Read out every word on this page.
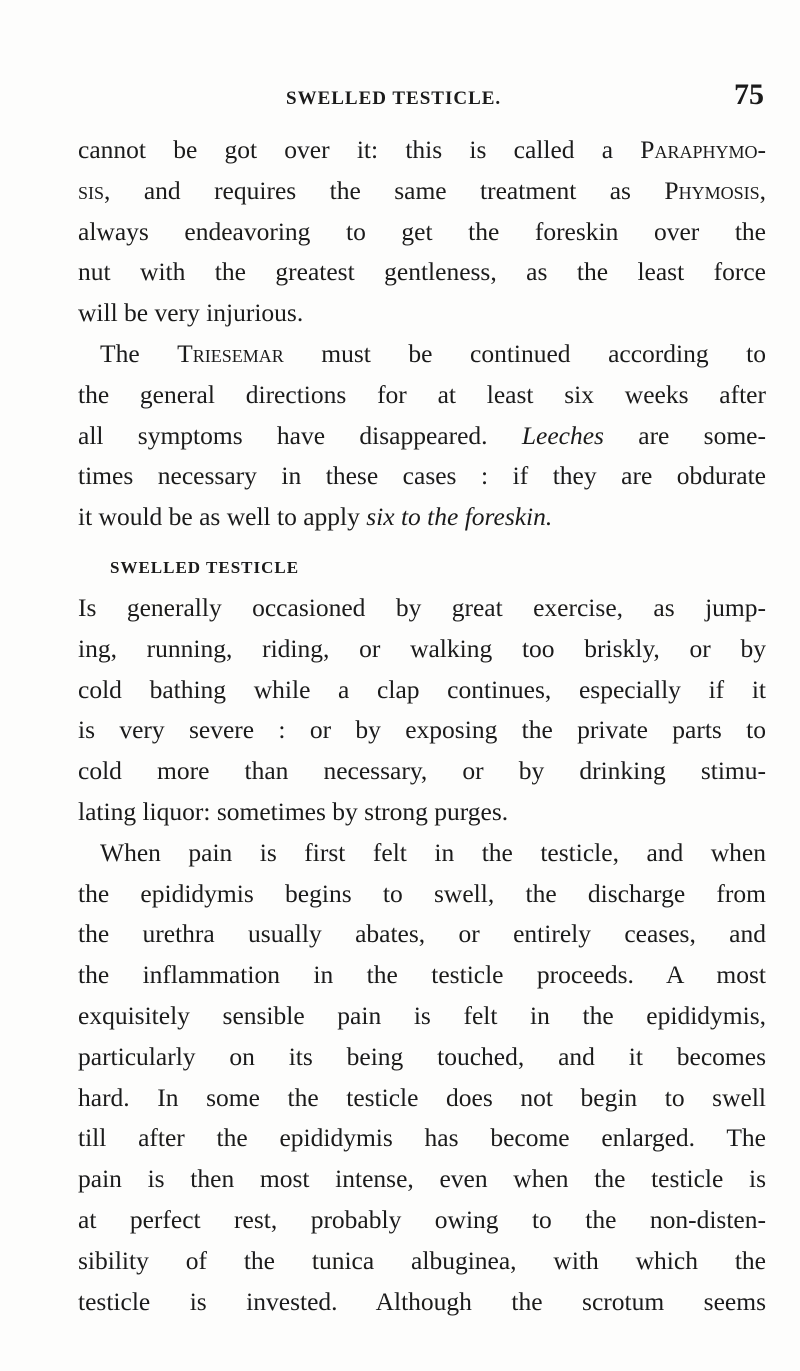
SWELLED TESTICLE.	75
cannot be got over it: this is called a Paraphymo-
sis, and requires the same treatment as Phymosis,
always endeavoring to get the foreskin over the
nut with the greatest gentleness, as the least force
will be very injurious.
The Triesemar must be continued according to
the general directions for at least six weeks after
all symptoms have disappeared. Leeches are some-
times necessary in these cases : if they are obdurate
it would be as well to apply six to the foreskin.
SWELLED TESTICLE
Is generally occasioned by great exercise, as jump-
ing, running, riding, or walking too briskly, or by
cold bathing while a clap continues, especially if it
is very severe : or by exposing the private parts to
cold more than necessary, or by drinking stimu-
lating liquor: sometimes by strong purges.
When pain is first felt in the testicle, and when
the epididymis begins to swell, the discharge from
the urethra usually abates, or entirely ceases, and
the inflammation in the testicle proceeds. A most
exquisitely sensible pain is felt in the epididymis,
particularly on its being touched, and it becomes
hard. In some the testicle does not begin to swell
till after the epididymis has become enlarged. The
pain is then most intense, even when the testicle is
at perfect rest, probably owing to the non-disten-
sibility of the tunica albuginea, with which the
testicle is invested. Although the scrotum seems
